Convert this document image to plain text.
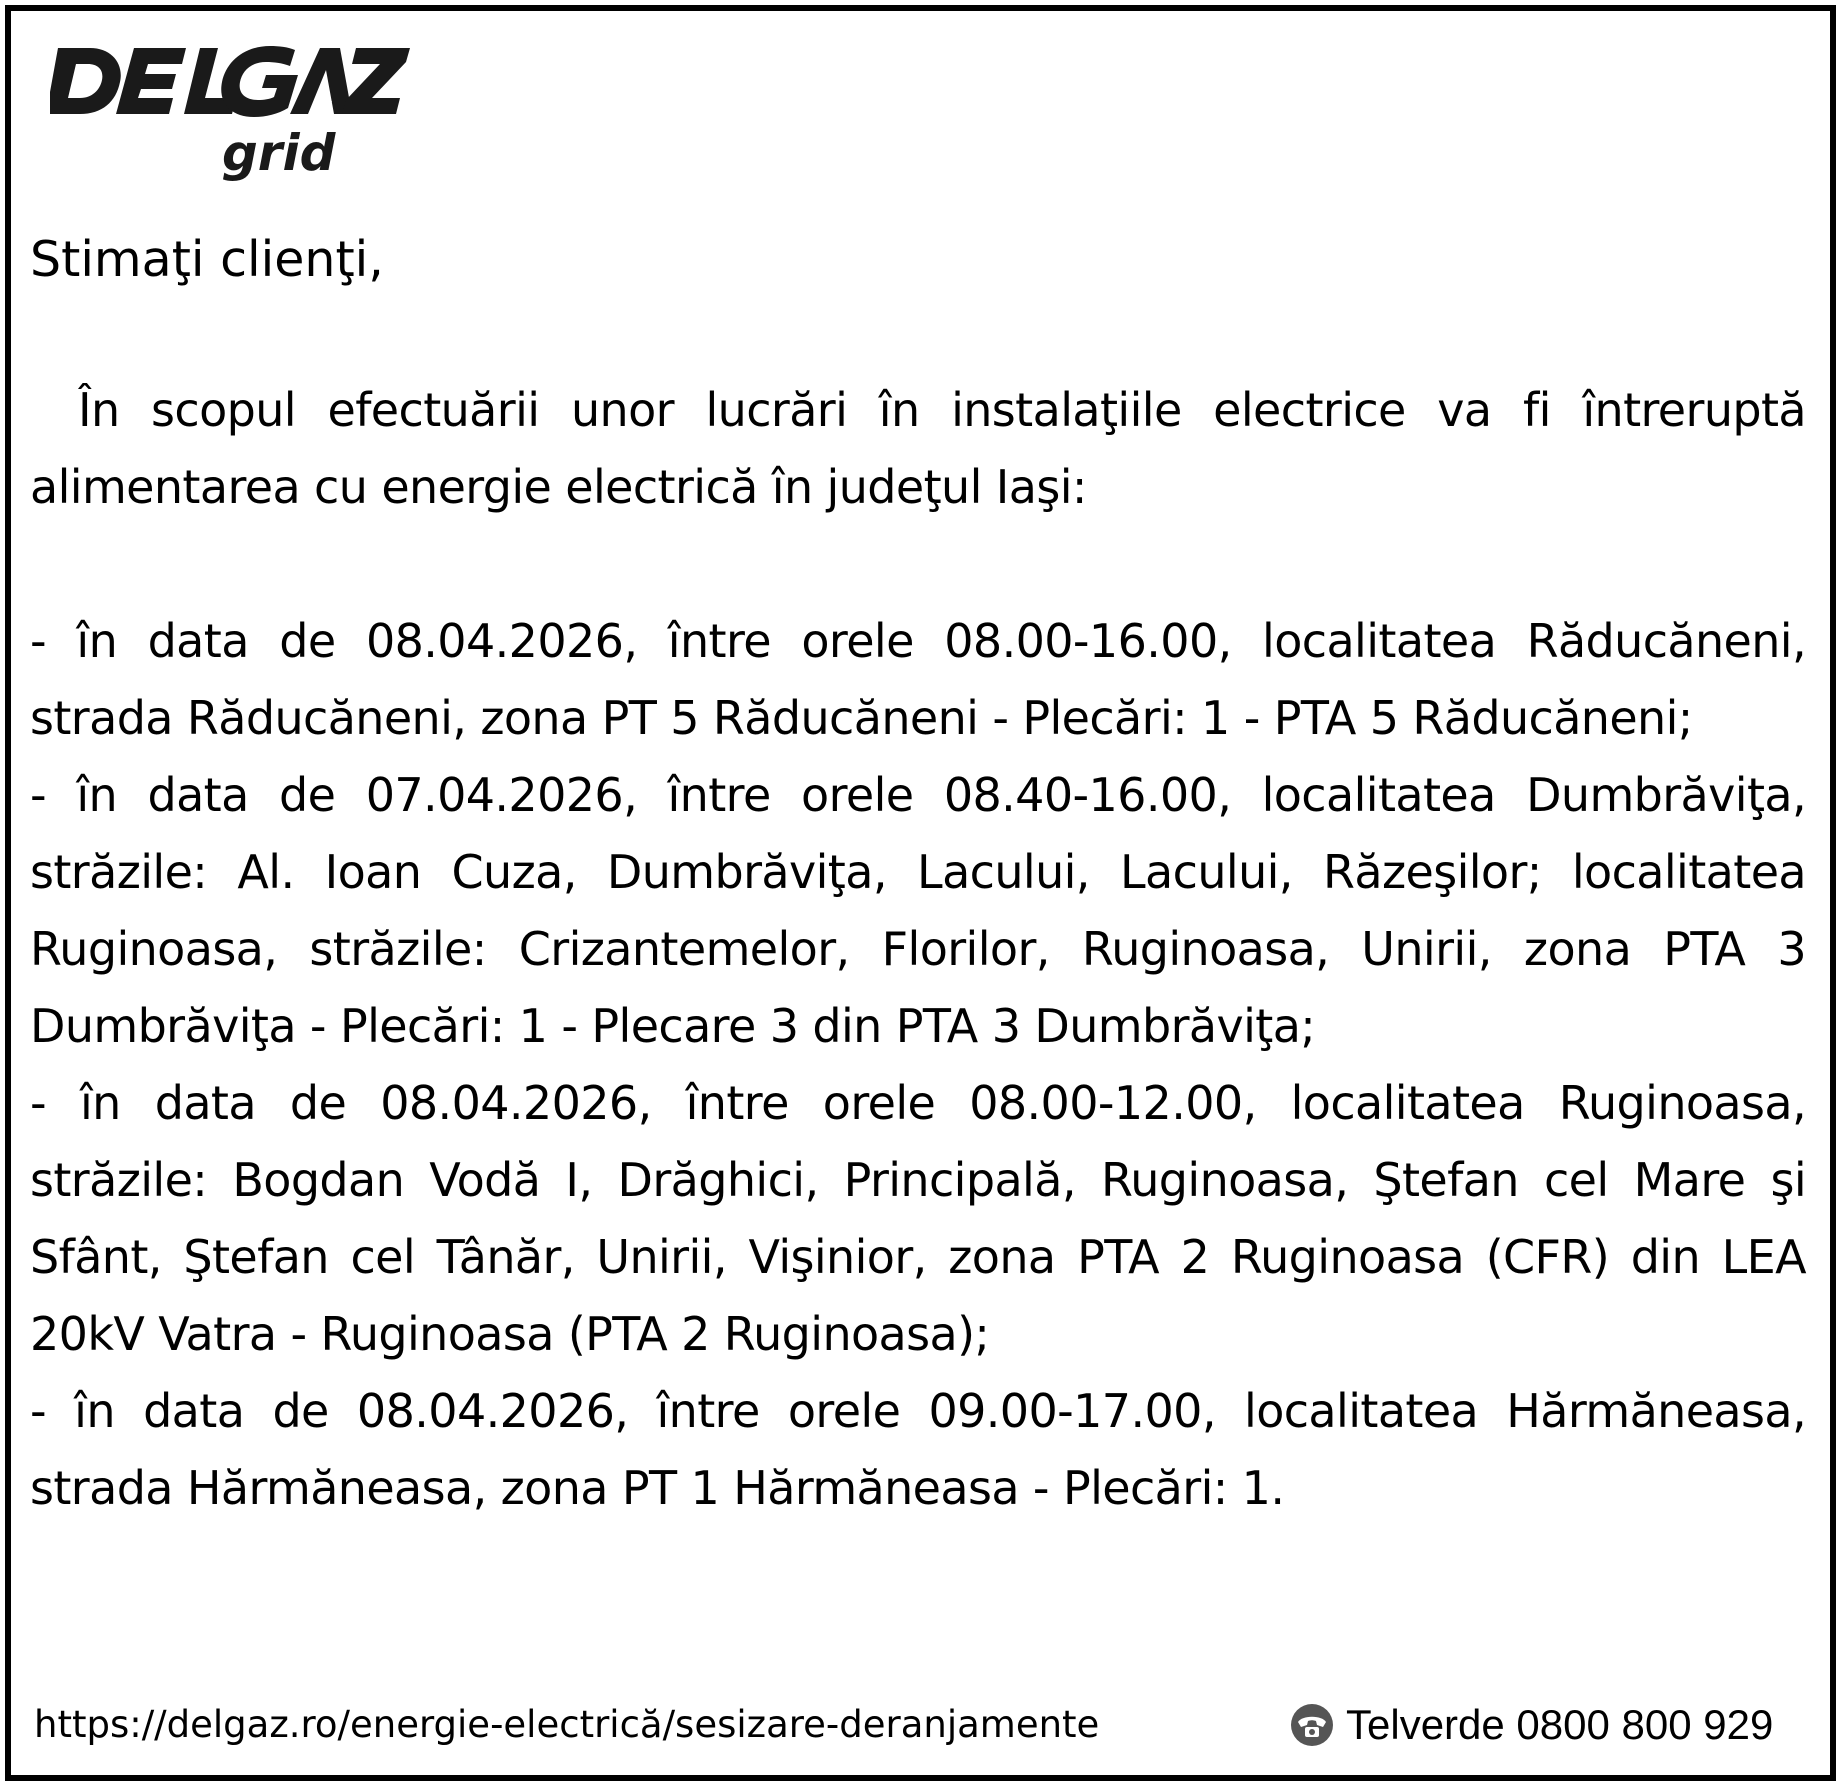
grid
Stimaţi clienţi,

În scopul efectuării unor lucrări în instalaţiile electrice va fi întreruptă alimentarea cu energie electrică în judeţul Iaşi:

- în data de 08.04.2026, între orele 08.00-16.00, localitatea Răducăneni, strada Răducăneni, zona PT 5 Răducăneni - Plecări: 1 - PTA 5 Răducăneni;

- în data de 07.04.2026, între orele 08.40-16.00, localitatea Dumbrăviţa, străzile: Al. Ioan Cuza, Dumbrăviţa, Lacului, Lacului, Răzeşilor; localitatea Ruginoasa, străzile: Crizantemelor, Florilor, Ruginoasa, Unirii, zona PTA 3 Dumbrăviţa - Plecări: 1 - Plecare 3 din PTA 3 Dumbrăviţa;

- în data de 08.04.2026, între orele 08.00-12.00, localitatea Ruginoasa, străzile: Bogdan Vodă I, Drăghici, Principală, Ruginoasa, Ştefan cel Mare şi Sfânt, Ştefan cel Tânăr, Unirii, Vişinior, zona PTA 2 Ruginoasa (CFR) din LEA 20kV Vatra - Ruginoasa (PTA 2 Ruginoasa);

- în data de 08.04.2026, între orele 09.00-17.00, localitatea Hărmăneasa, strada Hărmăneasa, zona PT 1 Hărmăneasa - Plecări: 1.

https://delgaz.ro/energie-electrică/sesizare-deranjamente	Telverde 0800 800 929
